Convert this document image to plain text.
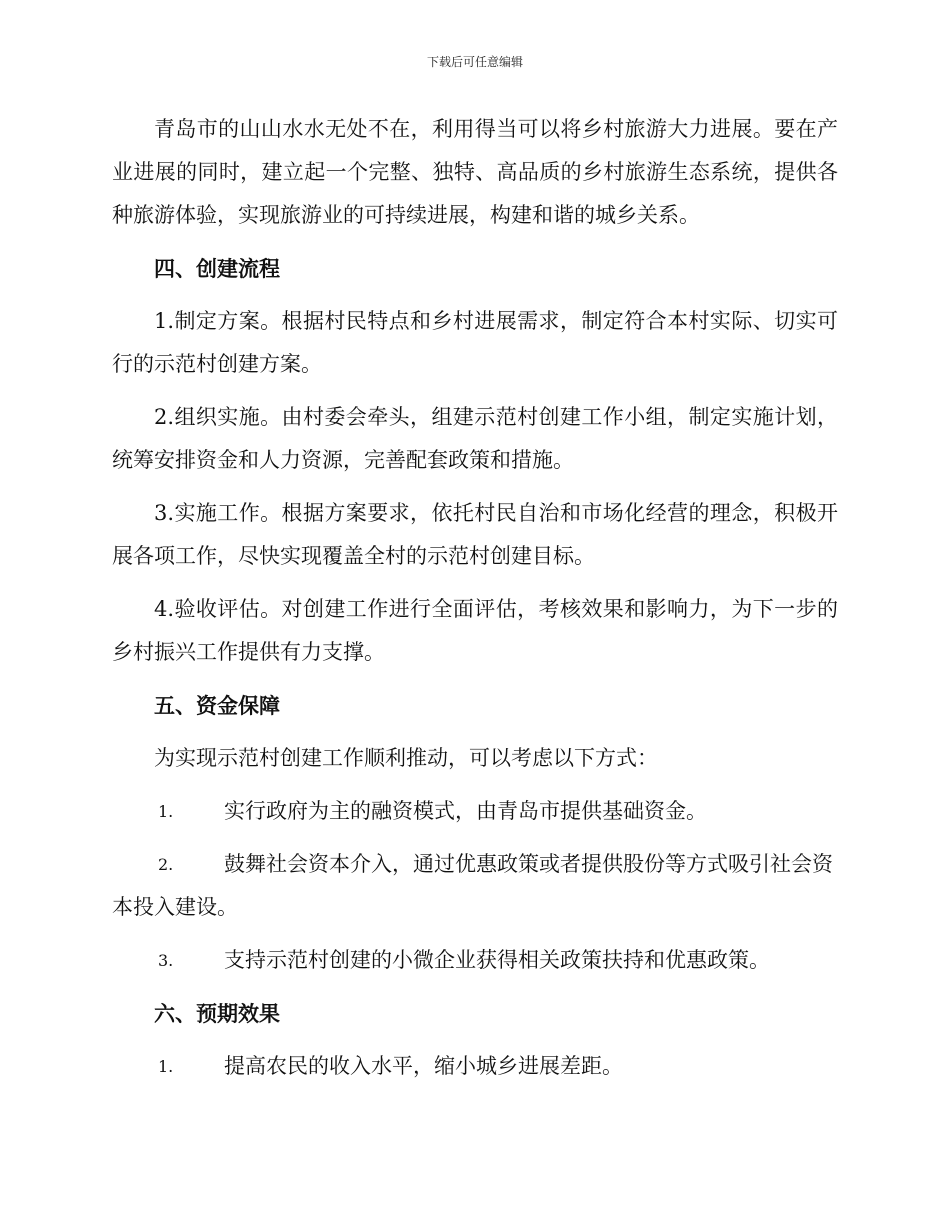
下载后可任意编辑

青岛市的山山水水无处不在，利用得当可以将乡村旅游大力进展。要在产业进展的同时，建立起一个完整、独特、高品质的乡村旅游生态系统，提供各种旅游体验，实现旅游业的可持续进展，构建和谐的城乡关系。

四、创建流程

1.制定方案。根据村民特点和乡村进展需求，制定符合本村实际、切实可行的示范村创建方案。

2.组织实施。由村委会牵头，组建示范村创建工作小组，制定实施计划，统筹安排资金和人力资源，完善配套政策和措施。

3.实施工作。根据方案要求，依托村民自治和市场化经营的理念，积极开展各项工作，尽快实现覆盖全村的示范村创建目标。

4.验收评估。对创建工作进行全面评估，考核效果和影响力，为下一步的乡村振兴工作提供有力支撑。

五、资金保障

为实现示范村创建工作顺利推动，可以考虑以下方式：

1. 实行政府为主的融资模式，由青岛市提供基础资金。
2. 鼓舞社会资本介入，通过优惠政策或者提供股份等方式吸引社会资本投入建设。
3. 支持示范村创建的小微企业获得相关政策扶持和优惠政策。
六、预期效果
1. 提高农民的收入水平，缩小城乡进展差距。
